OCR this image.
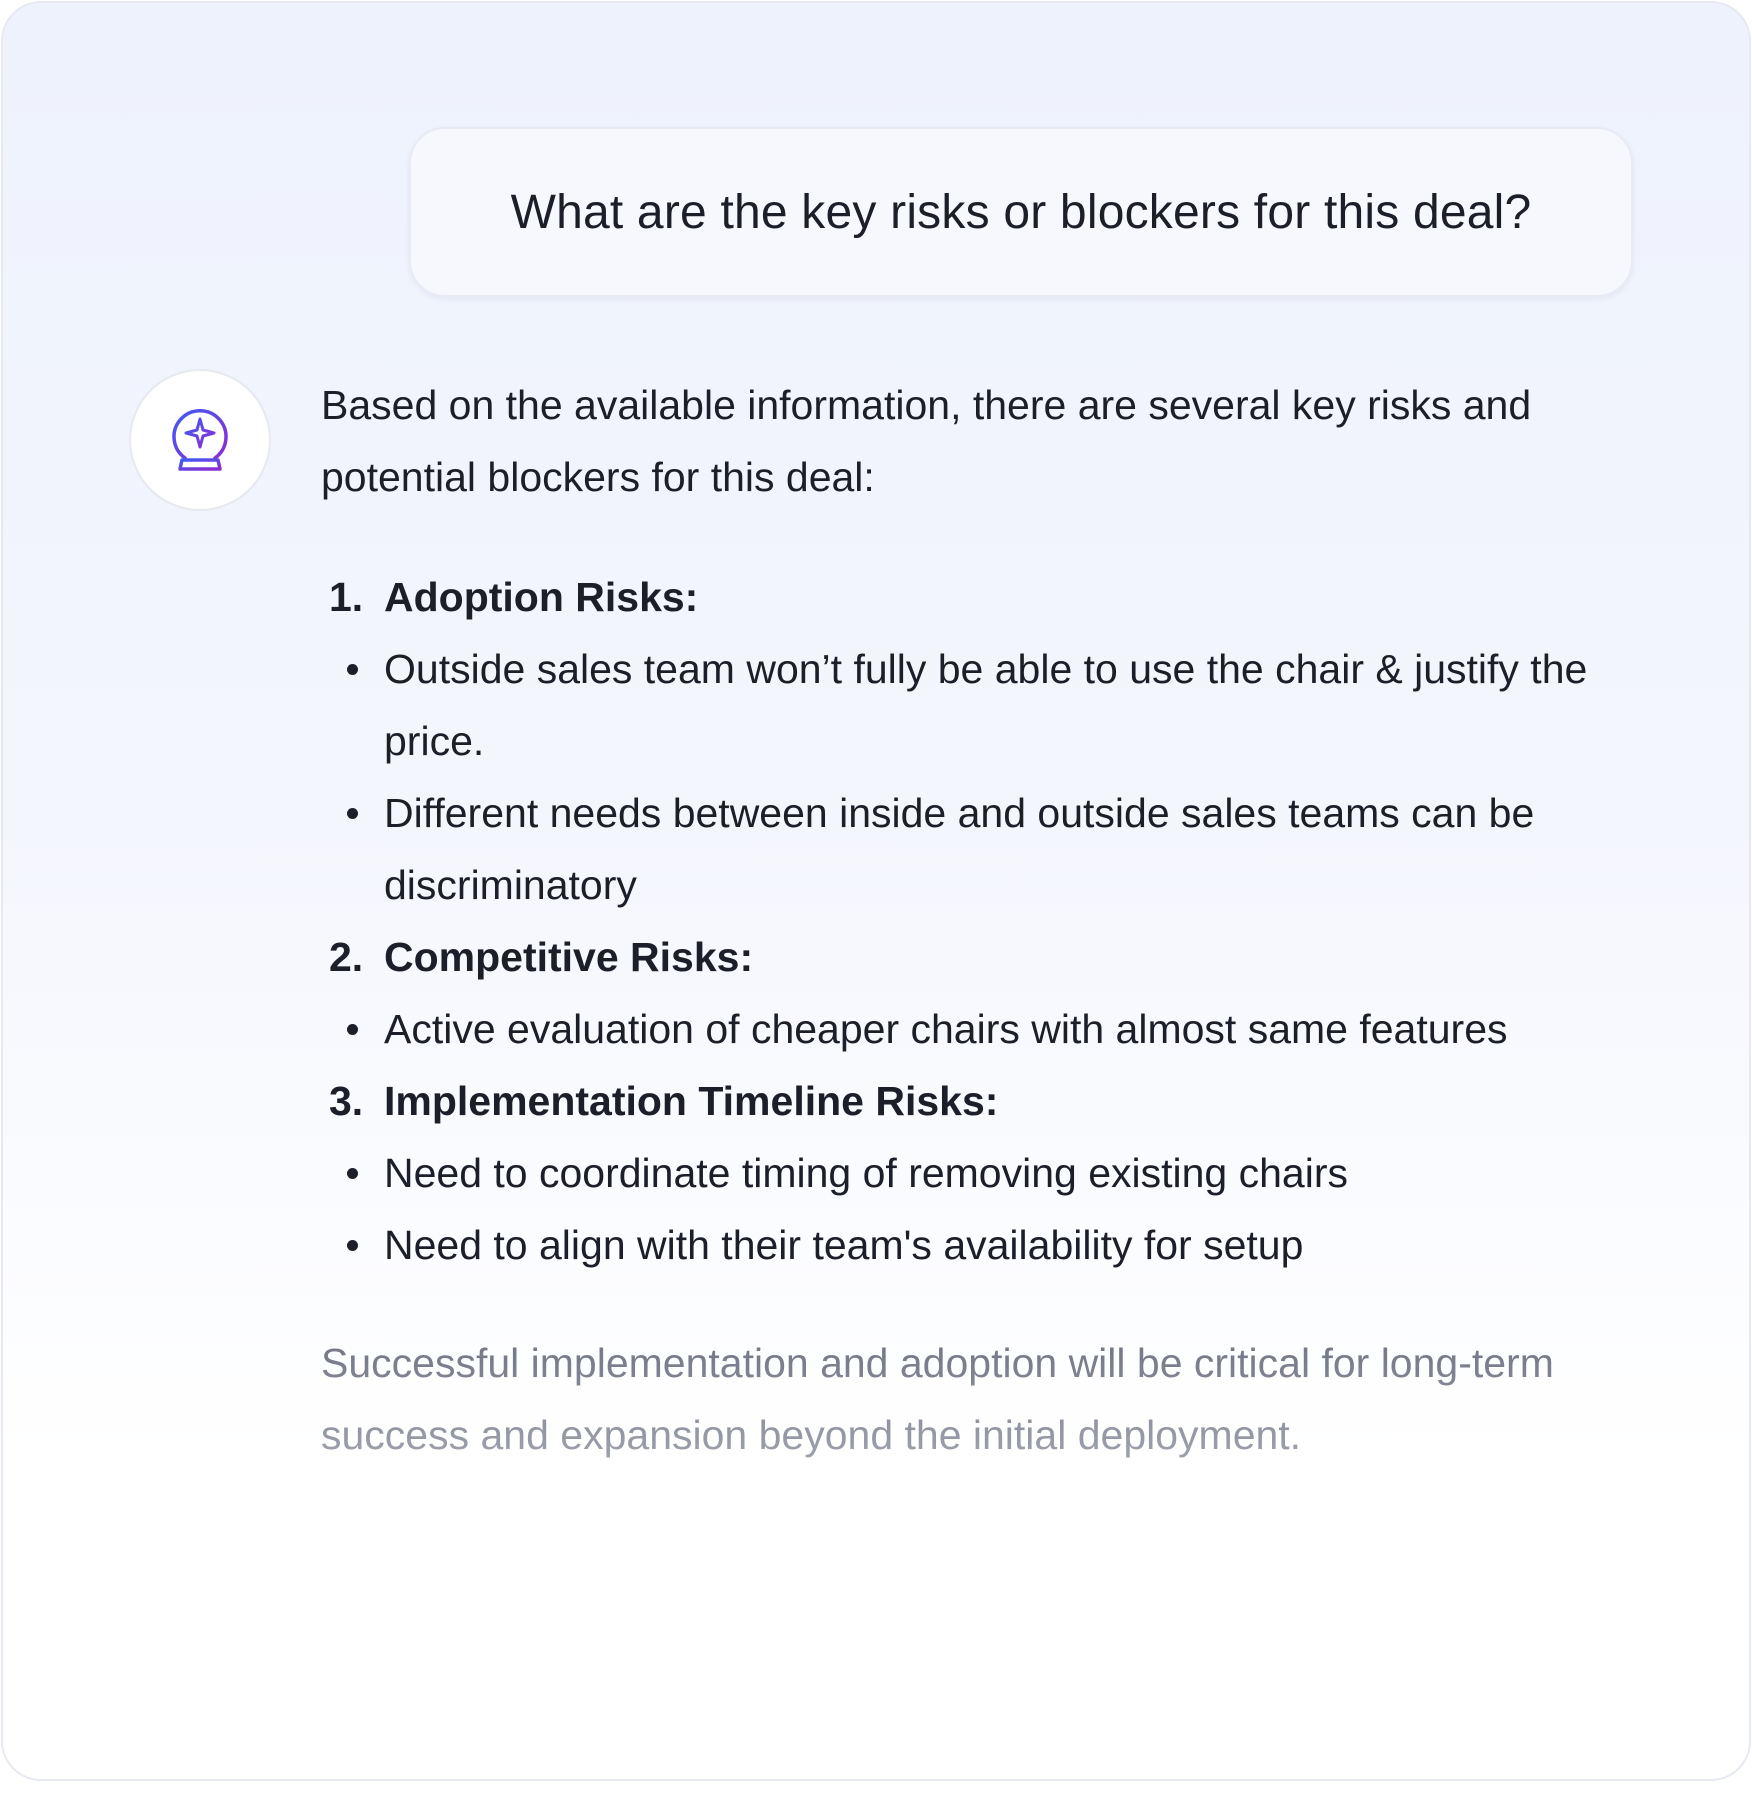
What are the key risks or blockers for this deal?

Based on the available information, there are several key risks and potential blockers for this deal:

1. Adoption Risks:
Outside sales team won’t fully be able to use the chair & justify the price.
Different needs between inside and outside sales teams can be discriminatory
2. Competitive Risks:
Active evaluation of cheaper chairs with almost same features
3. Implementation Timeline Risks:
Need to coordinate timing of removing existing chairs
Need to align with their team's availability for setup

Successful implementation and adoption will be critical for long-term success and expansion beyond the initial deployment.
